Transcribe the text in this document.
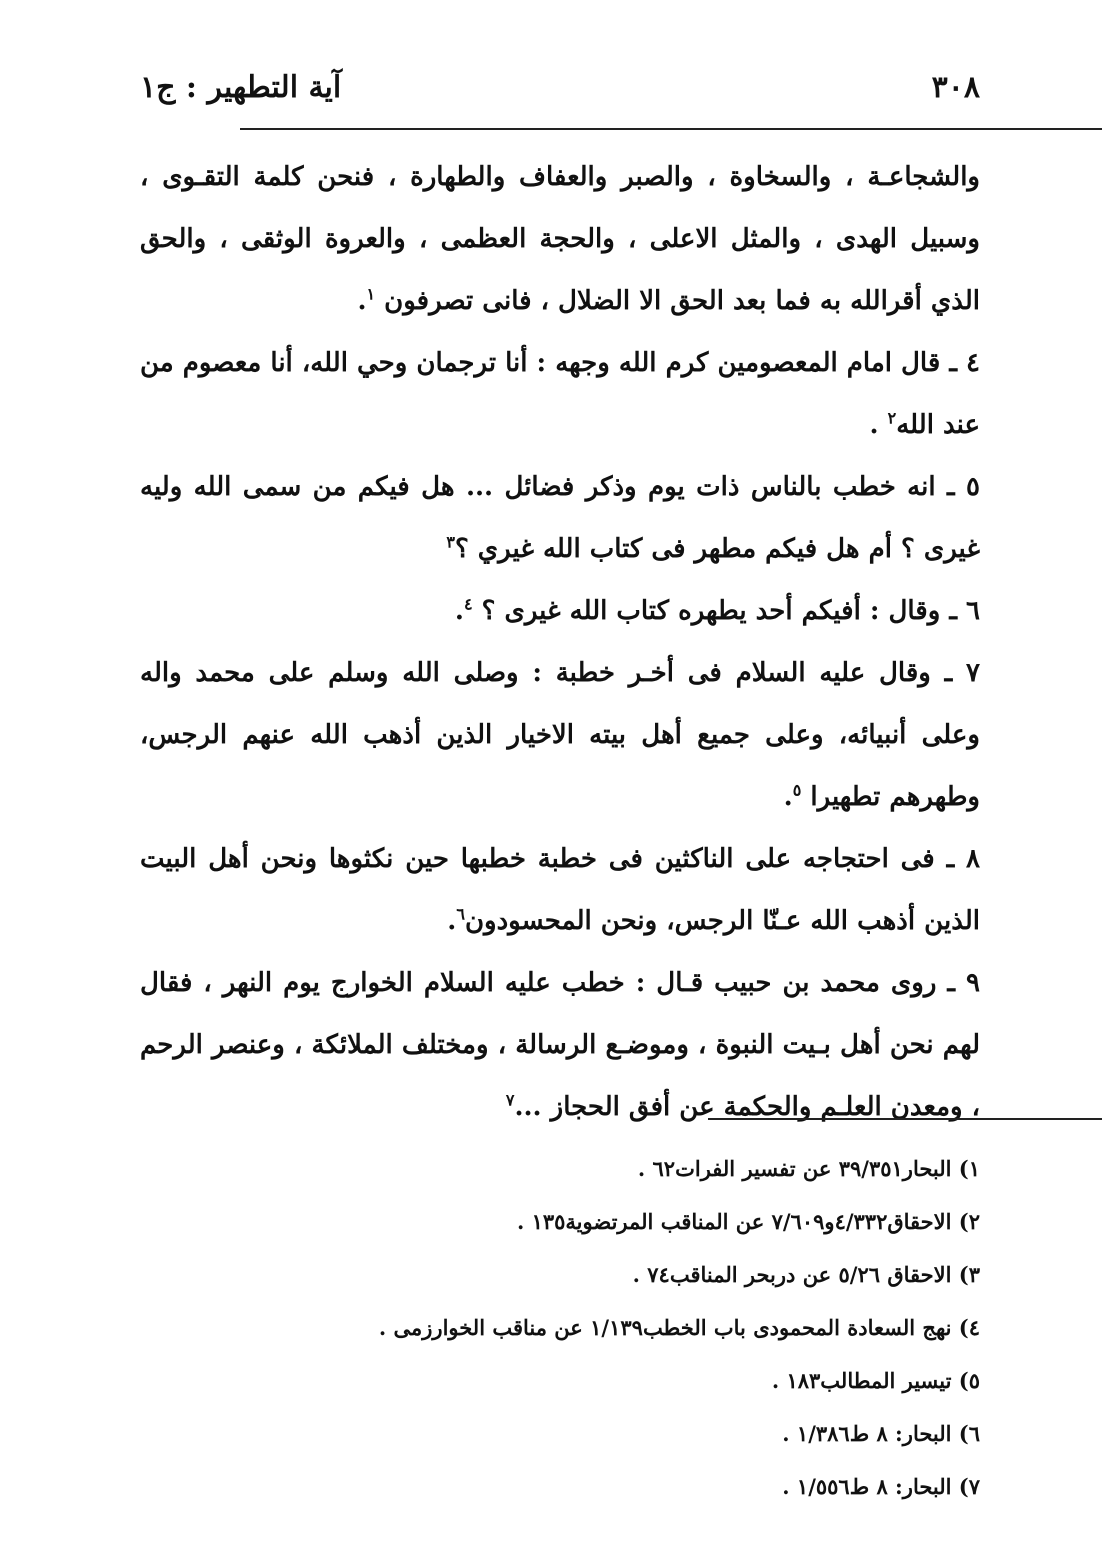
٣٠٨
آية التطهير : ج١

والشجاعـة ، والسخاوة ، والصبر والعفاف والطهارة ، فنحن كلمة التقـوى ، وسبيل الهدى ، والمثل الاعلى ، والحجة العظمى ، والعروة الوثقى ، والحق الذي أقرالله به فما بعد الحق الا الضلال ، فانى تصرفون $^١$.

٤ ـ قال امام المعصومين كرم الله وجهه : أنا ترجمان وحي الله، أنا معصوم من عند الله$^٢$ .

٥ ـ انه خطب بالناس ذات يوم وذكر فضائل ... هل فيكم من سمى الله وليه غيرى ؟ أم هل فيكم مطهر فى كتاب الله غيري ؟$^٣$

٦ ـ وقال : أفيكم أحد يطهره كتاب الله غيرى ؟ $^٤$.

٧ ـ وقال عليه السلام فى أخـر خطبة : وصلى الله وسلم على محمد واله وعلى أنبيائه، وعلى جميع أهل بيته الاخيار الذين أذهب الله عنهم الرجس، وطهرهم تطهيرا $^٥$.

٨ ـ فى احتجاجه على الناكثين فى خطبة خطبها حين نكثوها ونحن أهل البيت الذين أذهب الله عـنّا الرجس، ونحن المحسودون$^٦$.

٩ ـ روى محمد بن حبيب قـال : خطب عليه السلام الخوارج يوم النهر ، فقال لهم نحن أهل بـيت النبوة ، وموضـع الرسالة ، ومختلف الملائكة ، وعنصر الرحم ، ومعدن العلـم والحكمة عن أفق الحجاز ...$^٧$

١) البحار٣٩/٣٥١ عن تفسير الفرات٦٢ .

٢) الاحقاق٤/٣٣٢و٧/٦٠٩ عن المناقب المرتضوية١٣٥ .

٣) الاحقاق ٥/٢٦ عن دربحر المناقب٧٤ .

٤) نهج السعادة المحمودى باب الخطب١/١٣٩ عن مناقب الخوارزمى .

٥) تيسير المطالب١٨٣ .

٦) البحار: ٨ ط١/٣٨٦ .

٧) البحار: ٨ ط١/٥٥٦ .
